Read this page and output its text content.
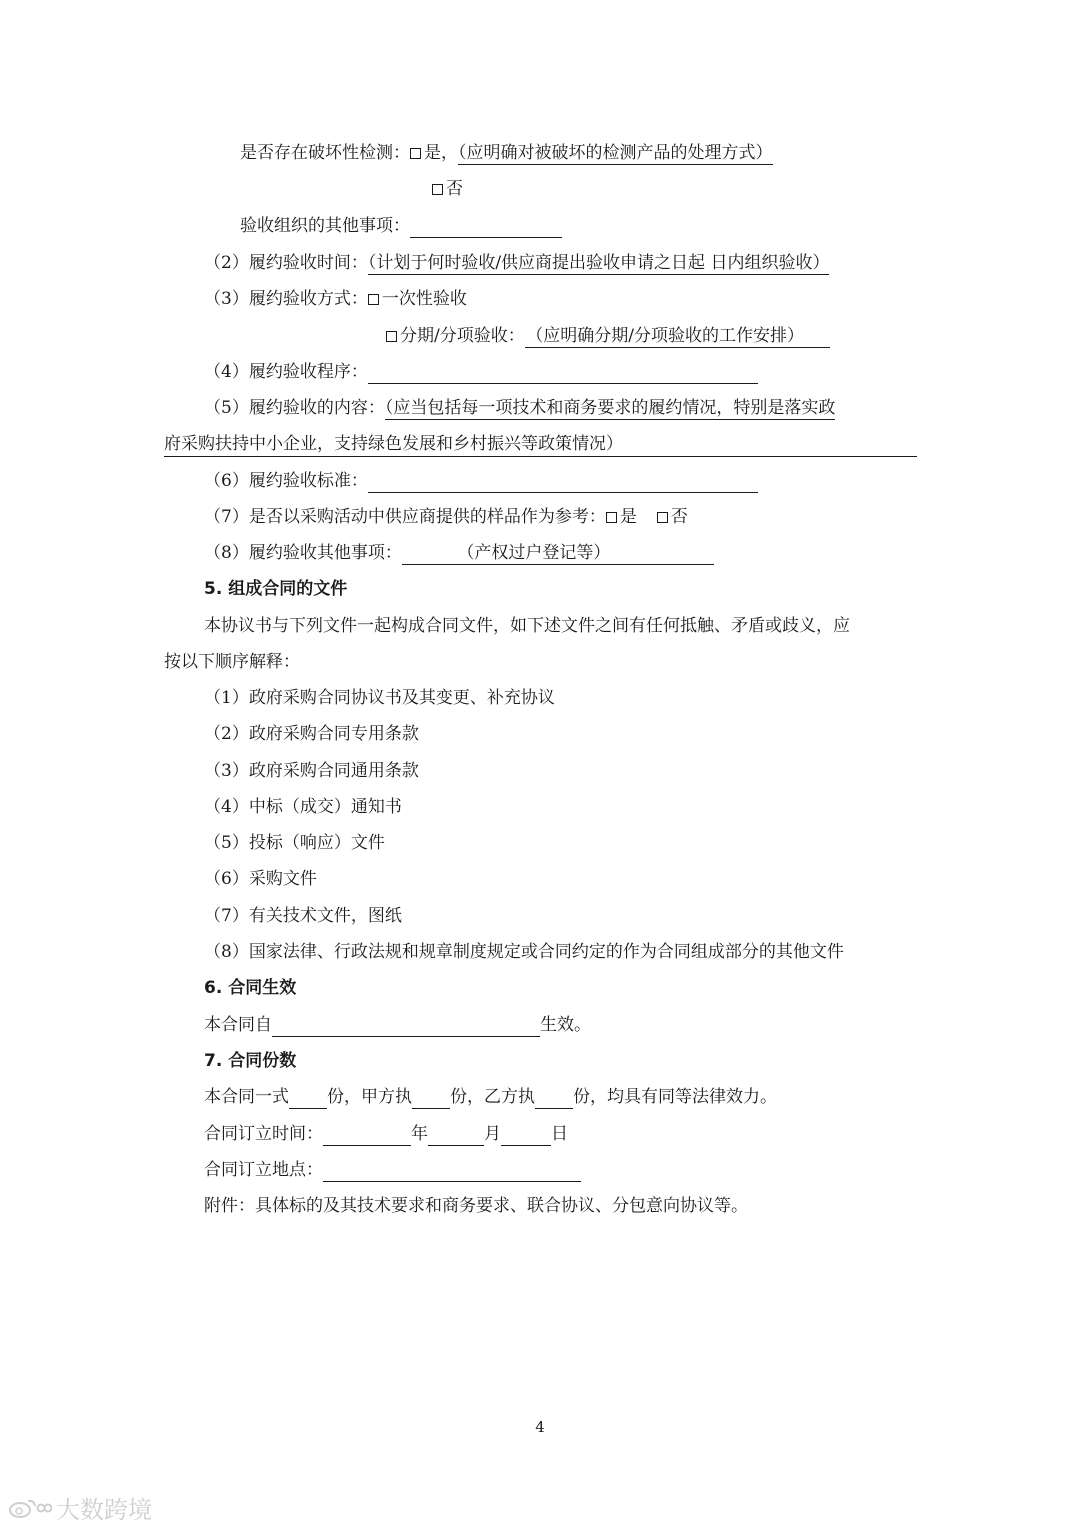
是否存在破坏性检测： 是，（应明确对被破坏的检测产品的处理方式）
否
验收组织的其他事项：
（2）履约验收时间：（计划于何时验收/供应商提出验收申请之日起 日内组织验收）
（3）履约验收方式： 一次性验收
分期/分项验收： （应明确分期/分项验收的工作安排）
（4）履约验收程序：
（5）履约验收的内容：（应当包括每一项技术和商务要求的履约情况，特别是落实政
府采购扶持中小企业，支持绿色发展和乡村振兴等政策情况）
（6）履约验收标准：
（7）是否以采购活动中供应商提供的样品作为参考： 是 否
（8）履约验收其他事项：	（产权过户登记等）
5. 组成合同的文件
本协议书与下列文件一起构成合同文件，如下述文件之间有任何抵触、矛盾或歧义，应
按以下顺序解释：
（1）政府采购合同协议书及其变更、补充协议
（2）政府采购合同专用条款
（3）政府采购合同通用条款
（4）中标（成交）通知书
（5）投标（响应）文件
（6）采购文件
（7）有关技术文件，图纸
（8）国家法律、行政法规和规章制度规定或合同约定的作为合同组成部分的其他文件
6. 合同生效
本合同自	生效。
7. 合同份数
本合同一式 份，甲方执 份，乙方执 份，均具有同等法律效力。
合同订立时间：	年	月	日
合同订立地点：
附件：具体标的及其技术要求和商务要求、联合协议、分包意向协议等。
4
大数跨境
